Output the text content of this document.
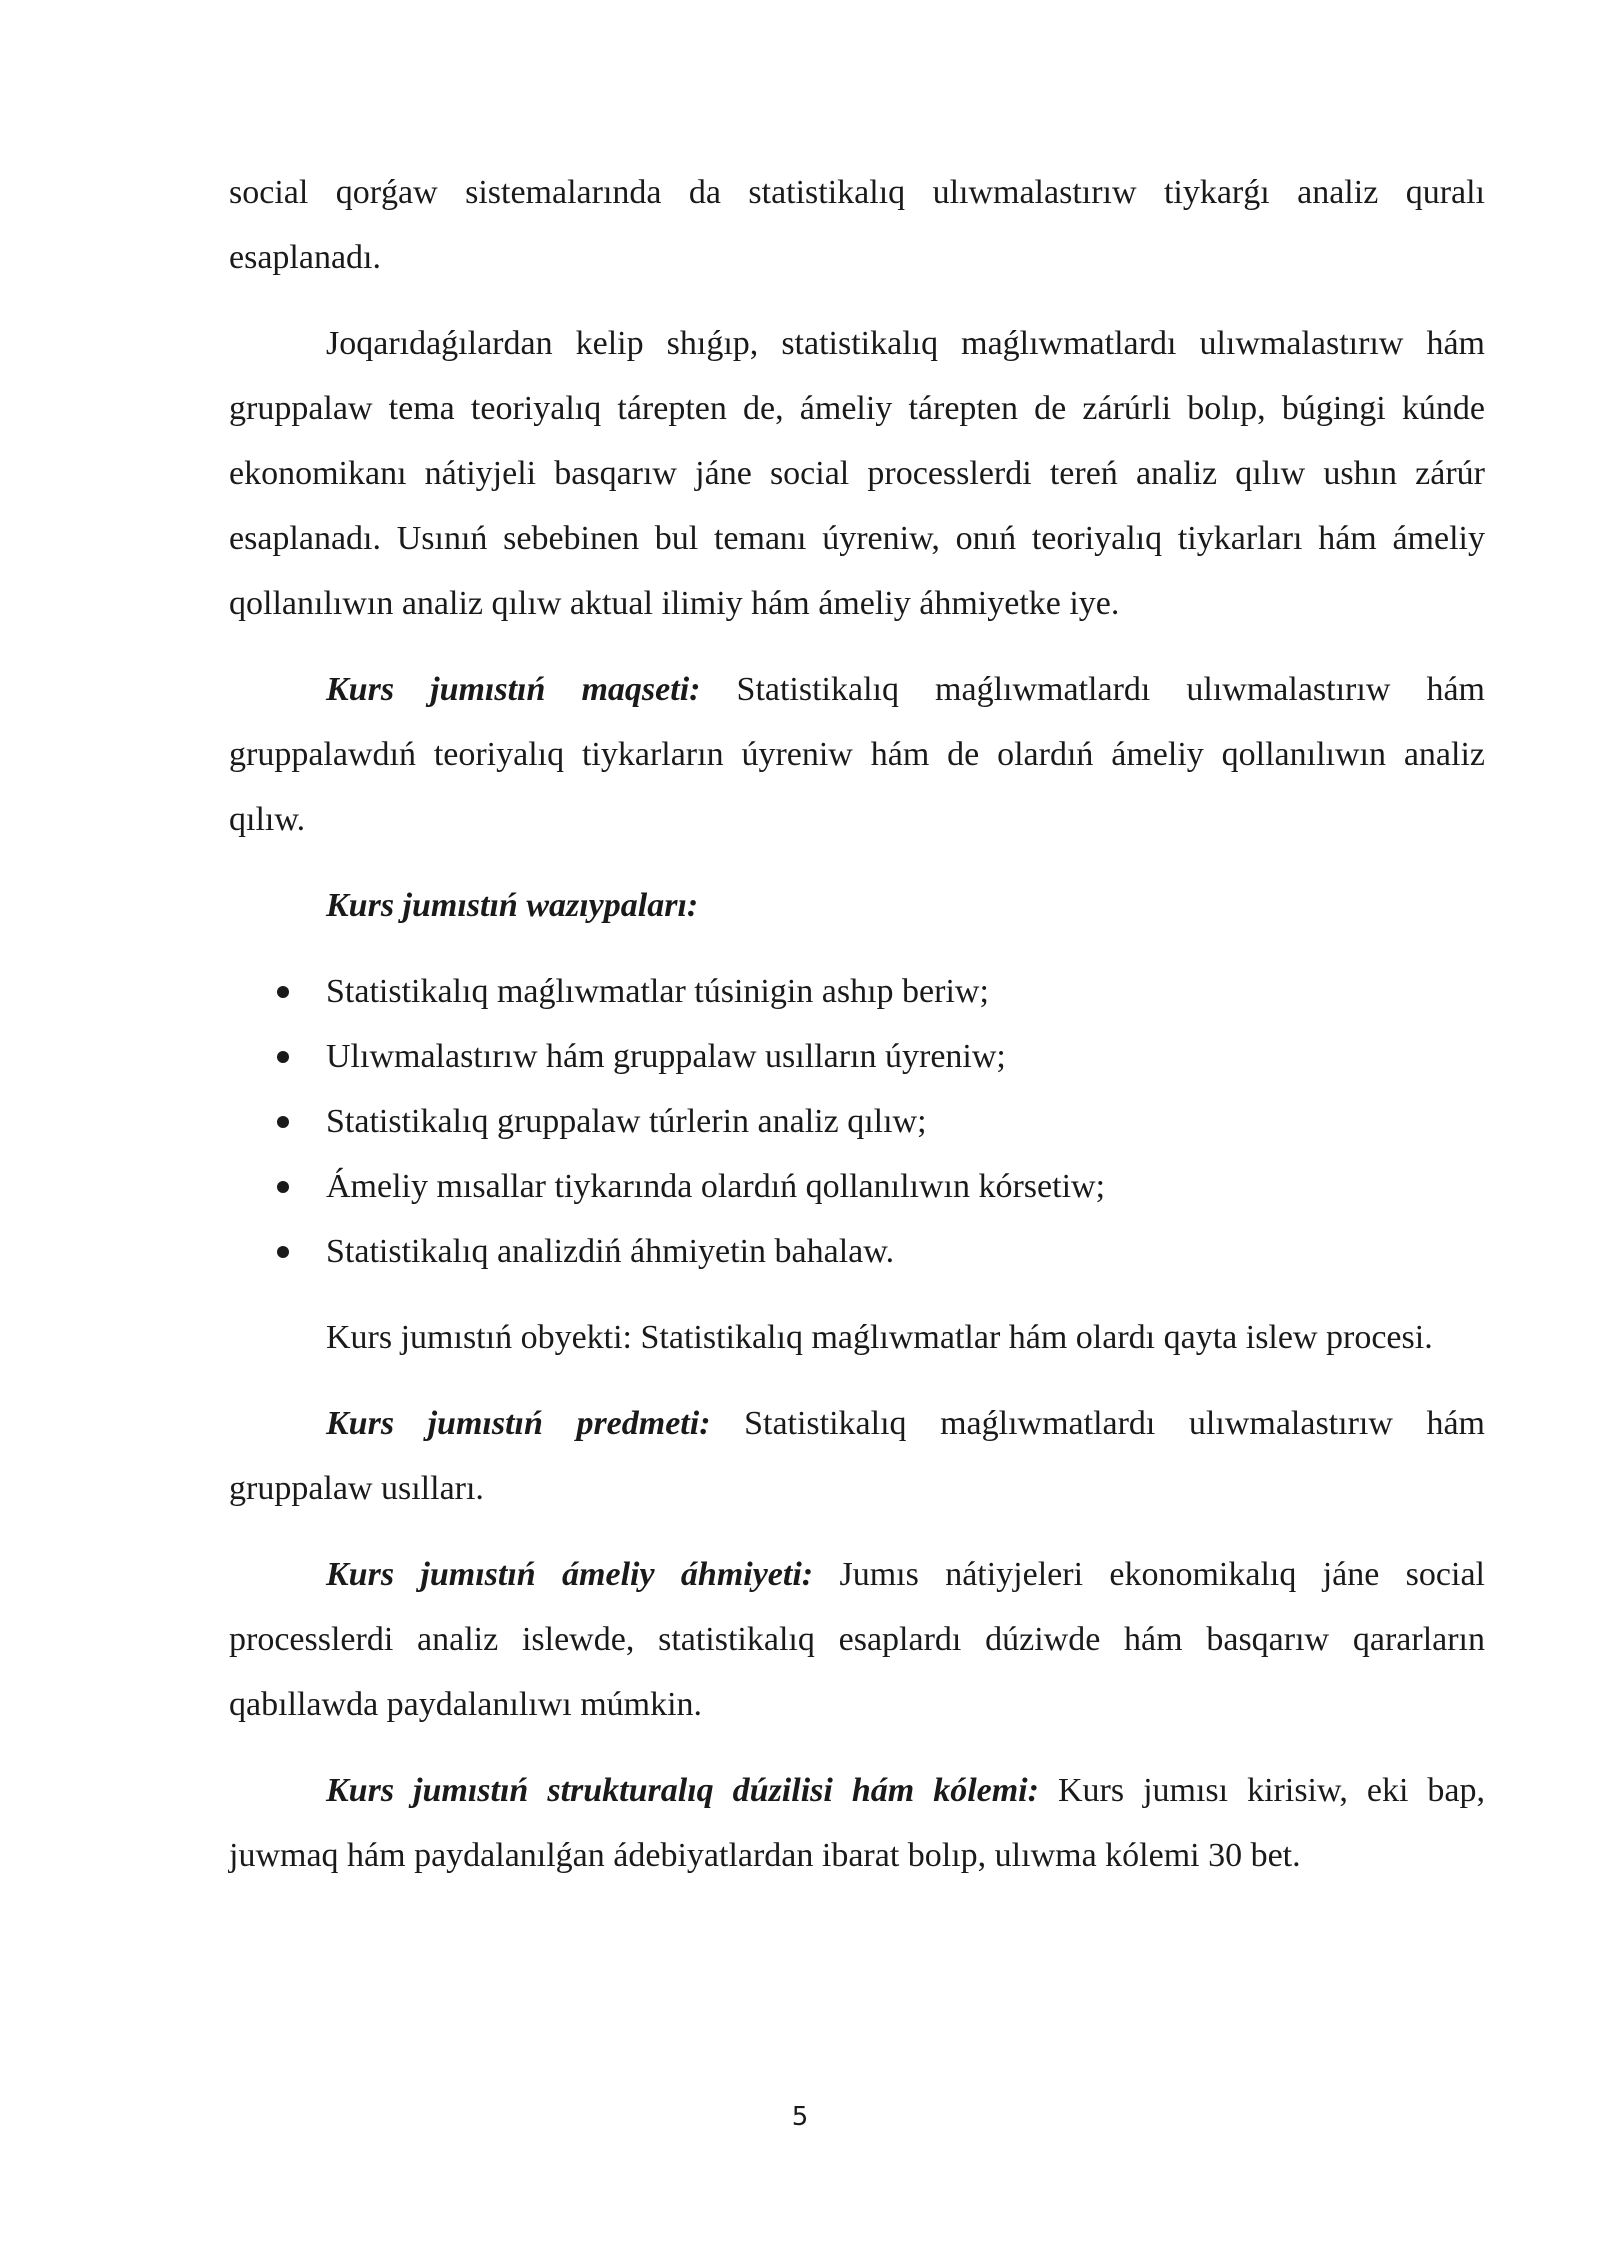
social qorǵaw sistemalarında da statistikalıq ulıwmalastırıw tiykarǵı analiz quralı esaplanadı.

Joqarıdaǵılardan kelip shıǵıp, statistikalıq maǵlıwmatlardı ulıwmalastırıw hám gruppalaw tema teoriyalıq tárepten de, ámeliy tárepten de zárúrli bolıp, búgingi kúnde ekonomikanı nátiyjeli basqarıw jáne social processlerdi tereń analiz qılıw ushın zárúr esaplanadı. Usınıń sebebinen bul temanı úyreniw, onıń teoriyalıq tiykarları hám ámeliy qollanılıwın analiz qılıw aktual ilimiy hám ámeliy áhmiyetke iye.

Kurs jumıstıń maqseti: Statistikalıq maǵlıwmatlardı ulıwmalastırıw hám gruppalawdıń teoriyalıq tiykarların úyreniw hám de olardıń ámeliy qollanılıwın analiz qılıw.

Kurs jumıstıń wazıypaları:

Statistikalıq maǵlıwmatlar túsinigin ashıp beriw;
Ulıwmalastırıw hám gruppalaw usılların úyreniw;
Statistikalıq gruppalaw túrlerin analiz qılıw;
Ámeliy mısallar tiykarında olardıń qollanılıwın kórsetiw;
Statistikalıq analizdiń áhmiyetin bahalaw.

Kurs jumıstıń obyekti: Statistikalıq maǵlıwmatlar hám olardı qayta islew procesi.

Kurs jumıstıń predmeti: Statistikalıq maǵlıwmatlardı ulıwmalastırıw hám gruppalaw usılları.

Kurs jumıstıń ámeliy áhmiyeti: Jumıs nátiyjeleri ekonomikalıq jáne social processlerdi analiz islewde, statistikalıq esaplardı dúziwde hám basqarıw qararların qabıllawda paydalanılıwı múmkin.

Kurs jumıstıń strukturalıq dúzilisi hám kólemi: Kurs jumısı kirisiw, eki bap, juwmaq hám paydalanılǵan ádebiyatlardan ibarat bolıp, ulıwma kólemi 30 bet.

5
